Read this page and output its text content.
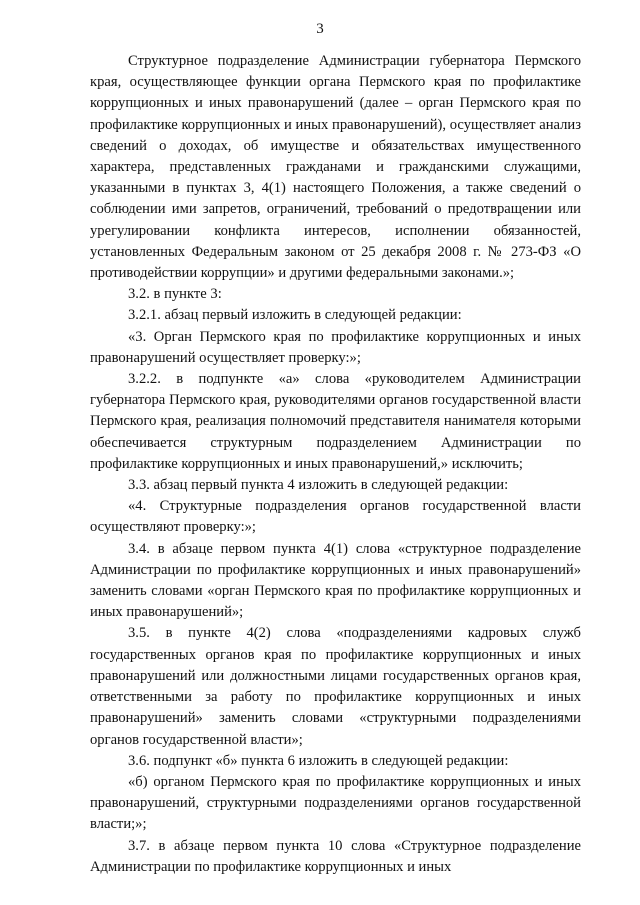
3

Структурное подразделение Администрации губернатора Пермского края, осуществляющее функции органа Пермского края по профилактике коррупционных и иных правонарушений (далее – орган Пермского края по профилактике коррупционных и иных правонарушений), осуществляет анализ сведений о доходах, об имуществе и обязательствах имущественного характера, представленных гражданами и гражданскими служащими, указанными в пунктах 3, 4(1) настоящего Положения, а также сведений о соблюдении ими запретов, ограничений, требований о предотвращении или урегулировании конфликта интересов, исполнении обязанностей, установленных Федеральным законом от 25 декабря 2008 г. № 273-ФЗ «О противодействии коррупции» и другими федеральными законами.»;

3.2. в пункте 3:

3.2.1. абзац первый изложить в следующей редакции:

«3. Орган Пермского края по профилактике коррупционных и иных правонарушений осуществляет проверку:»;

3.2.2. в подпункте «а» слова «руководителем Администрации губернатора Пермского края, руководителями органов государственной власти Пермского края, реализация полномочий представителя нанимателя которыми обеспечивается структурным подразделением Администрации по профилактике коррупционных и иных правонарушений,» исключить;

3.3. абзац первый пункта 4 изложить в следующей редакции:

«4. Структурные подразделения органов государственной власти осуществляют проверку:»;

3.4. в абзаце первом пункта 4(1) слова «структурное подразделение Администрации по профилактике коррупционных и иных правонарушений» заменить словами «орган Пермского края по профилактике коррупционных и иных правонарушений»;

3.5. в пункте 4(2) слова «подразделениями кадровых служб государственных органов края по профилактике коррупционных и иных правонарушений или должностными лицами государственных органов края, ответственными за работу по профилактике коррупционных и иных правонарушений» заменить словами «структурными подразделениями органов государственной власти»;

3.6. подпункт «б» пункта 6 изложить в следующей редакции:

«б) органом Пермского края по профилактике коррупционных и иных правонарушений, структурными подразделениями органов государственной власти;»;

3.7. в абзаце первом пункта 10 слова «Структурное подразделение Администрации по профилактике коррупционных и иных
